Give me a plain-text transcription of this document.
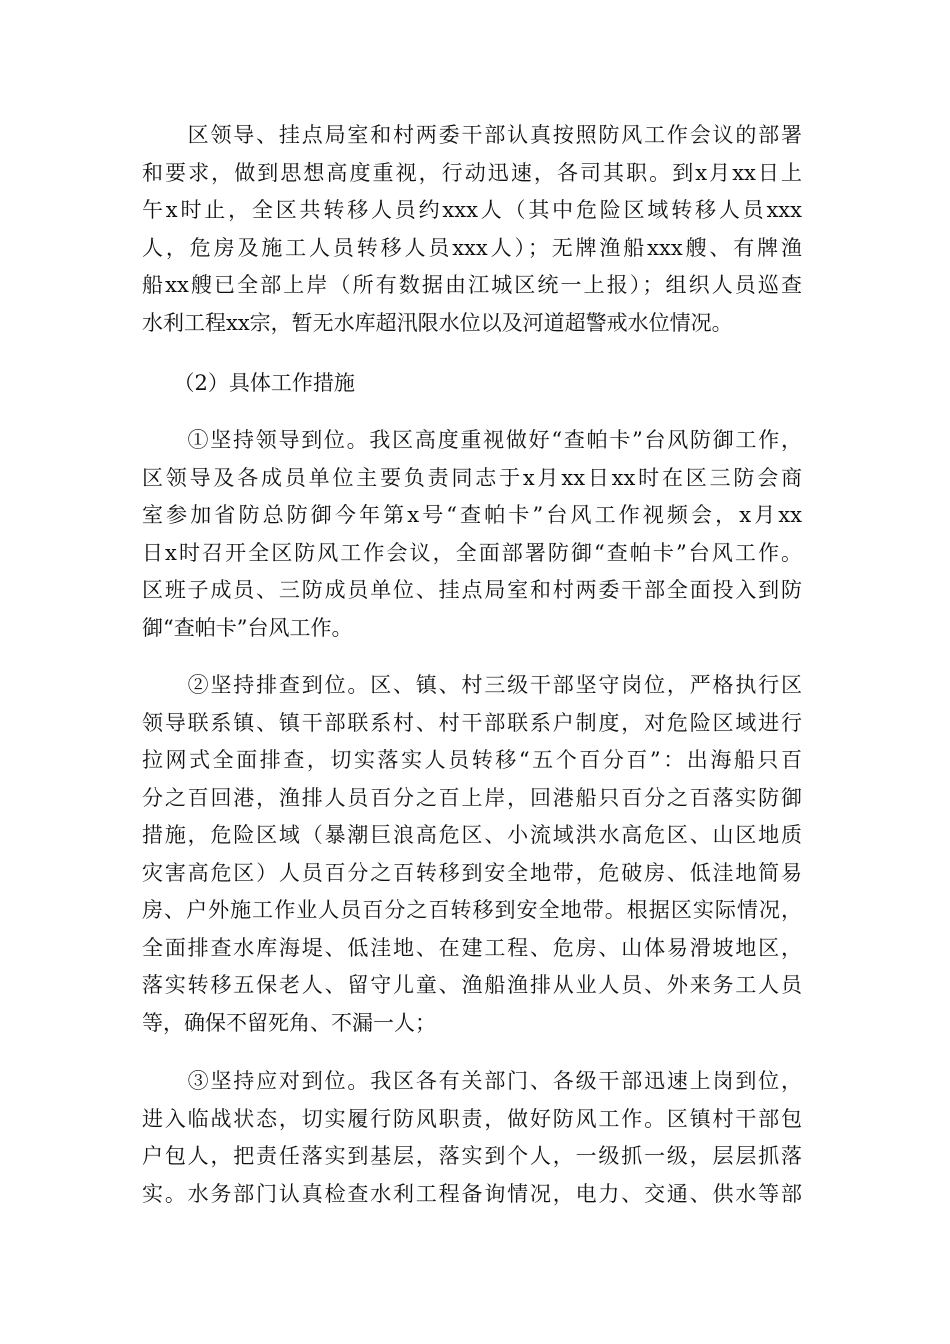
　　区领导、挂点局室和村两委干部认真按照防风工作会议的部署
和要求，做到思想高度重视，行动迅速，各司其职。到x月xx日上
午x时止，全区共转移人员约xxx人（其中危险区域转移人员xxx
人，危房及施工人员转移人员xxx人）；无牌渔船xxx艘、有牌渔
船xx艘已全部上岸（所有数据由江城区统一上报）；组织人员巡查
水利工程xx宗，暂无水库超汛限水位以及河道超警戒水位情况。
　　（2）具体工作措施
　　①坚持领导到位。我区高度重视做好“查帕卡”台风防御工作，
区领导及各成员单位主要负责同志于x月xx日xx时在区三防会商
室参加省防总防御今年第x号“查帕卡”台风工作视频会，x月xx
日x时召开全区防风工作会议，全面部署防御“查帕卡”台风工作。
区班子成员、三防成员单位、挂点局室和村两委干部全面投入到防
御“查帕卡”台风工作。
　　②坚持排查到位。区、镇、村三级干部坚守岗位，严格执行区
领导联系镇、镇干部联系村、村干部联系户制度，对危险区域进行
拉网式全面排查，切实落实人员转移“五个百分百”：出海船只百
分之百回港，渔排人员百分之百上岸，回港船只百分之百落实防御
措施，危险区域（暴潮巨浪高危区、小流域洪水高危区、山区地质
灾害高危区）人员百分之百转移到安全地带，危破房、低洼地简易
房、户外施工作业人员百分之百转移到安全地带。根据区实际情况，
全面排查水库海堤、低洼地、在建工程、危房、山体易滑坡地区，
落实转移五保老人、留守儿童、渔船渔排从业人员、外来务工人员
等，确保不留死角、不漏一人；
　　③坚持应对到位。我区各有关部门、各级干部迅速上岗到位，
进入临战状态，切实履行防风职责，做好防风工作。区镇村干部包
户包人，把责任落实到基层，落实到个人，一级抓一级，层层抓落
实。水务部门认真检查水利工程备询情况，电力、交通、供水等部
